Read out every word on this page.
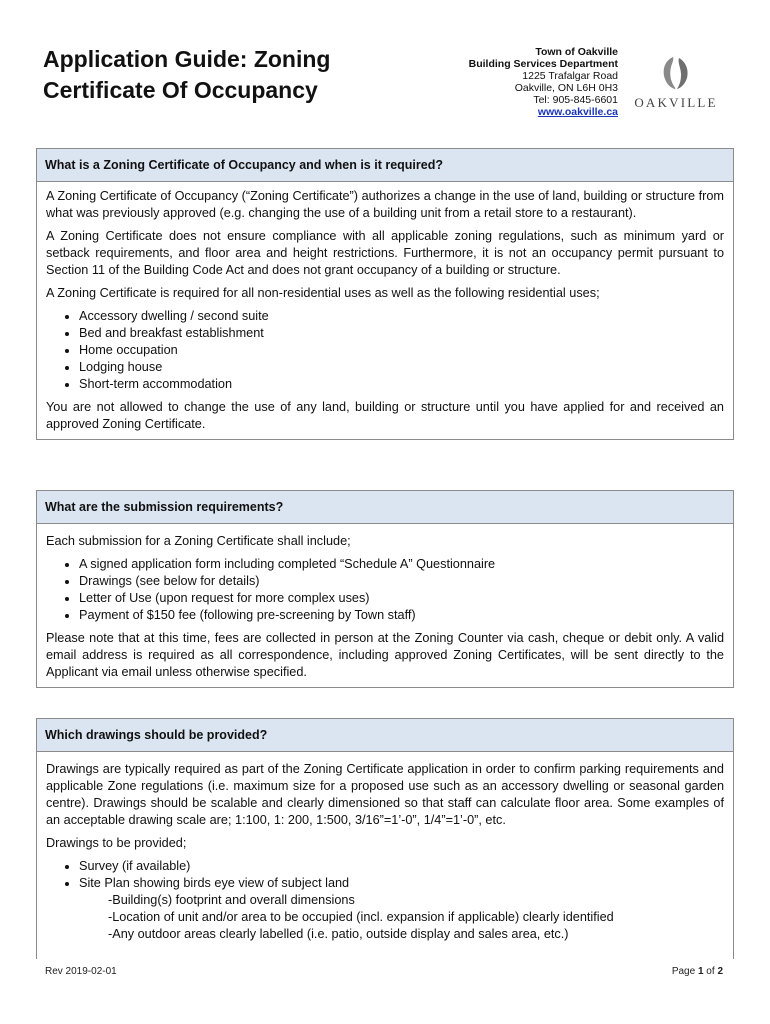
Application Guide: Zoning
Certificate Of Occupancy
Town of Oakville
Building Services Department
1225 Trafalgar Road
Oakville, ON L6H 0H3
Tel: 905-845-6601
www.oakville.ca
OAKVILLE
What is a Zoning Certificate of Occupancy and when is it required?

A Zoning Certificate of Occupancy (“Zoning Certificate”) authorizes a change in the use of land, building or structure from what was previously approved (e.g. changing the use of a building unit from a retail store to a restaurant).

A Zoning Certificate does not ensure compliance with all applicable zoning regulations, such as minimum yard or setback requirements, and floor area and height restrictions. Furthermore, it is not an occupancy permit pursuant to Section 11 of the Building Code Act and does not grant occupancy of a building or structure.

A Zoning Certificate is required for all non-residential uses as well as the following residential uses;

• Accessory dwelling / second suite
• Bed and breakfast establishment
• Home occupation
• Lodging house
• Short-term accommodation

You are not allowed to change the use of any land, building or structure until you have applied for and received an approved Zoning Certificate.

What are the submission requirements?

Each submission for a Zoning Certificate shall include;

• A signed application form including completed “Schedule A” Questionnaire
• Drawings (see below for details)
• Letter of Use (upon request for more complex uses)
• Payment of $150 fee (following pre-screening by Town staff)

Please note that at this time, fees are collected in person at the Zoning Counter via cash, cheque or debit only. A valid email address is required as all correspondence, including approved Zoning Certificates, will be sent directly to the Applicant via email unless otherwise specified.

Which drawings should be provided?

Drawings are typically required as part of the Zoning Certificate application in order to confirm parking requirements and applicable Zone regulations (i.e. maximum size for a proposed use such as an accessory dwelling or seasonal garden centre). Drawings should be scalable and clearly dimensioned so that staff can calculate floor area. Some examples of an acceptable drawing scale are; 1:100, 1: 200, 1:500, 3/16”=1’-0”, 1/4”=1’-0”, etc.

Drawings to be provided;

• Survey (if available)
• Site Plan showing birds eye view of subject land
-Building(s) footprint and overall dimensions
-Location of unit and/or area to be occupied (incl. expansion if applicable) clearly identified
-Any outdoor areas clearly labelled (i.e. patio, outside display and sales area, etc.)
Rev 2019-02-01	Page 1 of 2
